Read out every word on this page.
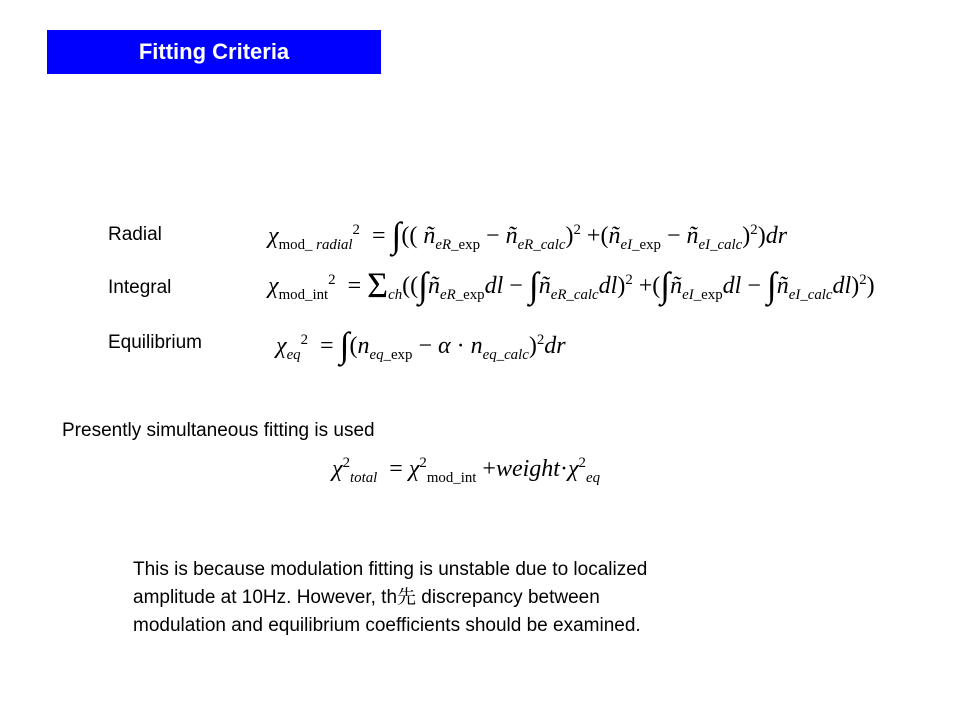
Fitting Criteria
Radial	$\chi_{mod\_ radial}^2$  = ∫(( $ñ_{eR\_exp}$ − $ñ_{eR\_calc})^2$ $+(ñ_{eI\_exp}$ − $ñ_{eI\_calc})^2)dr$
Integral	$\chi_{mod\_int}^2$  = $\Sigma_{ch}((\int ñ_{eR\_exp}dl$ − $\int ñ_{eR\_calc}dl)^2$ $+(\int ñ_{eI\_exp}dl$ − $\int ñ_{eI\_calc}dl)^2$)
Equilibrium	$\chi_{eq}^2 = \int(n_{eq\_exp} - \alpha \cdot n_{eq\_calc})^2dr$
Presently simultaneous fitting is used
$\chi^2_{total} = \chi^2_{mod\_int}$ $+weight\cdot\chi^2_{eq}$
This is because modulation fitting is unstable due to localized
amplitude at 10Hz. However, th先 discrepancy between
modulation and equilibrium coefficients should be examined.
